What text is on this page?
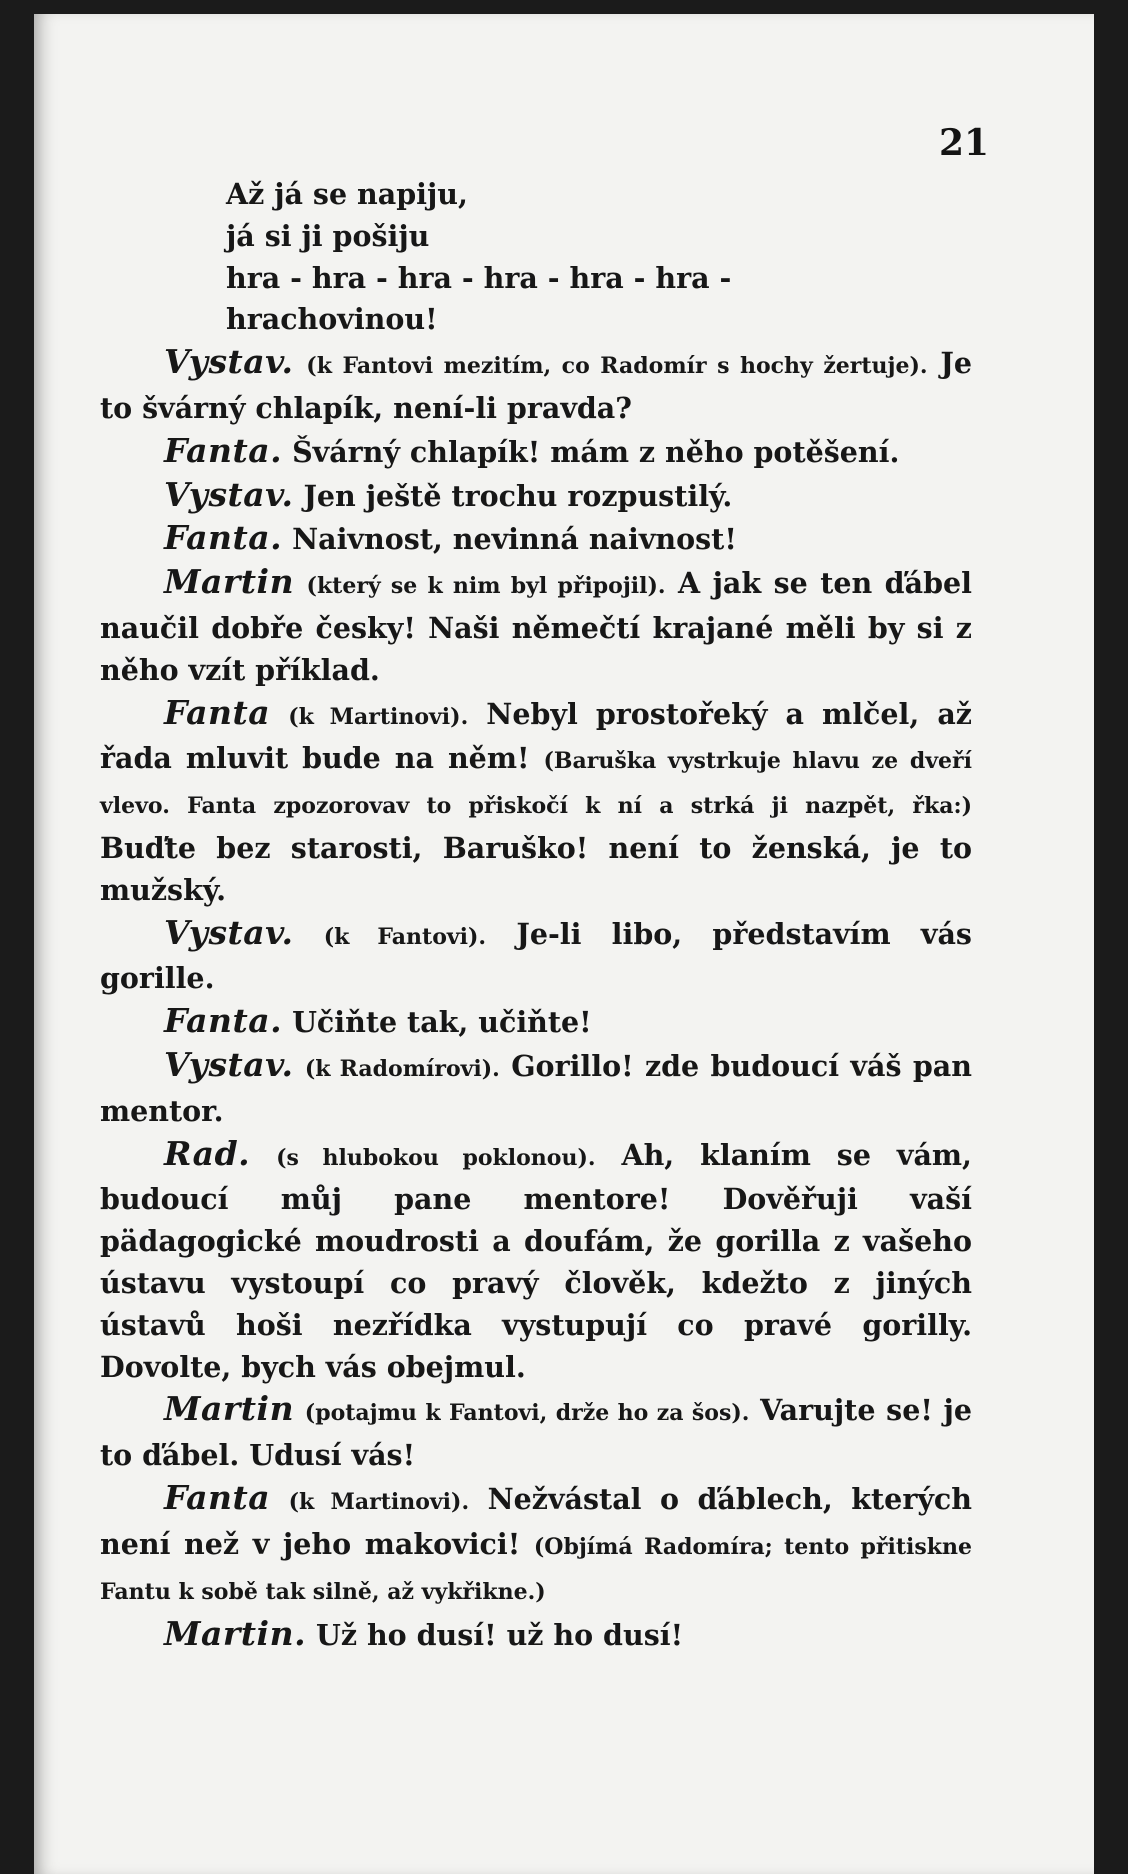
21
Až já se napiju,
já si ji pošiju
hra - hra - hra - hra - hra - hra -
hrachovinou!

Vystav. (k Fantovi mezitím, co Radomír s hochy žertuje). Je to švárný chlapík, není-li pravda?

Fanta. Švárný chlapík! mám z něho potěšení.

Vystav. Jen ještě trochu rozpustilý.

Fanta. Naivnost, nevinná naivnost!

Martin (který se k nim byl připojil). A jak se ten ďábel naučil dobře česky! Naši němečtí krajané měli by si z něho vzít příklad.

Fanta (k Martinovi). Nebyl prostořeký a mlčel, až řada mluvit bude na něm! (Baruška vystrkuje hlavu ze dveří vlevo. Fanta zpozorovav to přiskočí k ní a strká ji nazpět, řka:) Buďte bez starosti, Baruško! není to ženská, je to mužský.

Vystav. (k Fantovi). Je-li libo, představím vás gorille.

Fanta. Učiňte tak, učiňte!

Vystav. (k Radomírovi). Gorillo! zde budoucí váš pan mentor.

Rad. (s hlubokou poklonou). Ah, klaním se vám, budoucí můj pane mentore! Dověřuji vaší pädagogické moudrosti a doufám, že gorilla z vašeho ústavu vystoupí co pravý člověk, kdežto z jiných ústavů hoši nezřídka vystupují co pravé gorilly. Dovolte, bych vás obejmul.

Martin (potajmu k Fantovi, drže ho za šos). Varujte se! je to ďábel. Udusí vás!

Fanta (k Martinovi). Nežvástal o ďáblech, kterých není než v jeho makovici! (Objímá Radomíra; tento přitiskne Fantu k sobě tak silně, až vykřikne.)

Martin. Už ho dusí! už ho dusí!
